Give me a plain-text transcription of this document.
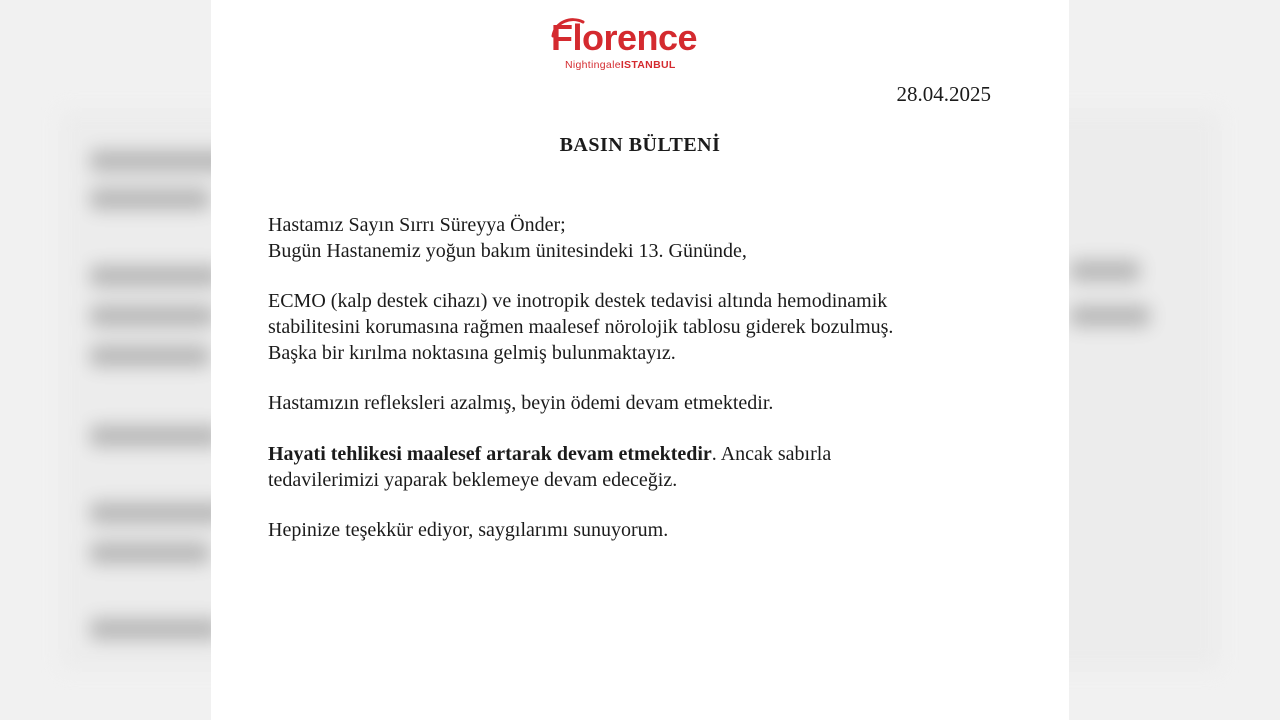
Florence
NightingaleISTANBUL
28.04.2025
BASIN BÜLTENİ

Hastamız Sayın Sırrı Süreyya Önder;

Bugün Hastanemiz yoğun bakım ünitesindeki 13. Gününde,

ECMO (kalp destek cihazı) ve inotropik destek tedavisi altında hemodinamik

stabilitesini korumasına rağmen maalesef nörolojik tablosu giderek bozulmuş.

Başka bir kırılma noktasına gelmiş bulunmaktayız.

Hastamızın refleksleri azalmış, beyin ödemi devam etmektedir.

Hayati tehlikesi maalesef artarak devam etmektedir. Ancak sabırla

tedavilerimizi yaparak beklemeye devam edeceğiz.

Hepinize teşekkür ediyor, saygılarımı sunuyorum.
